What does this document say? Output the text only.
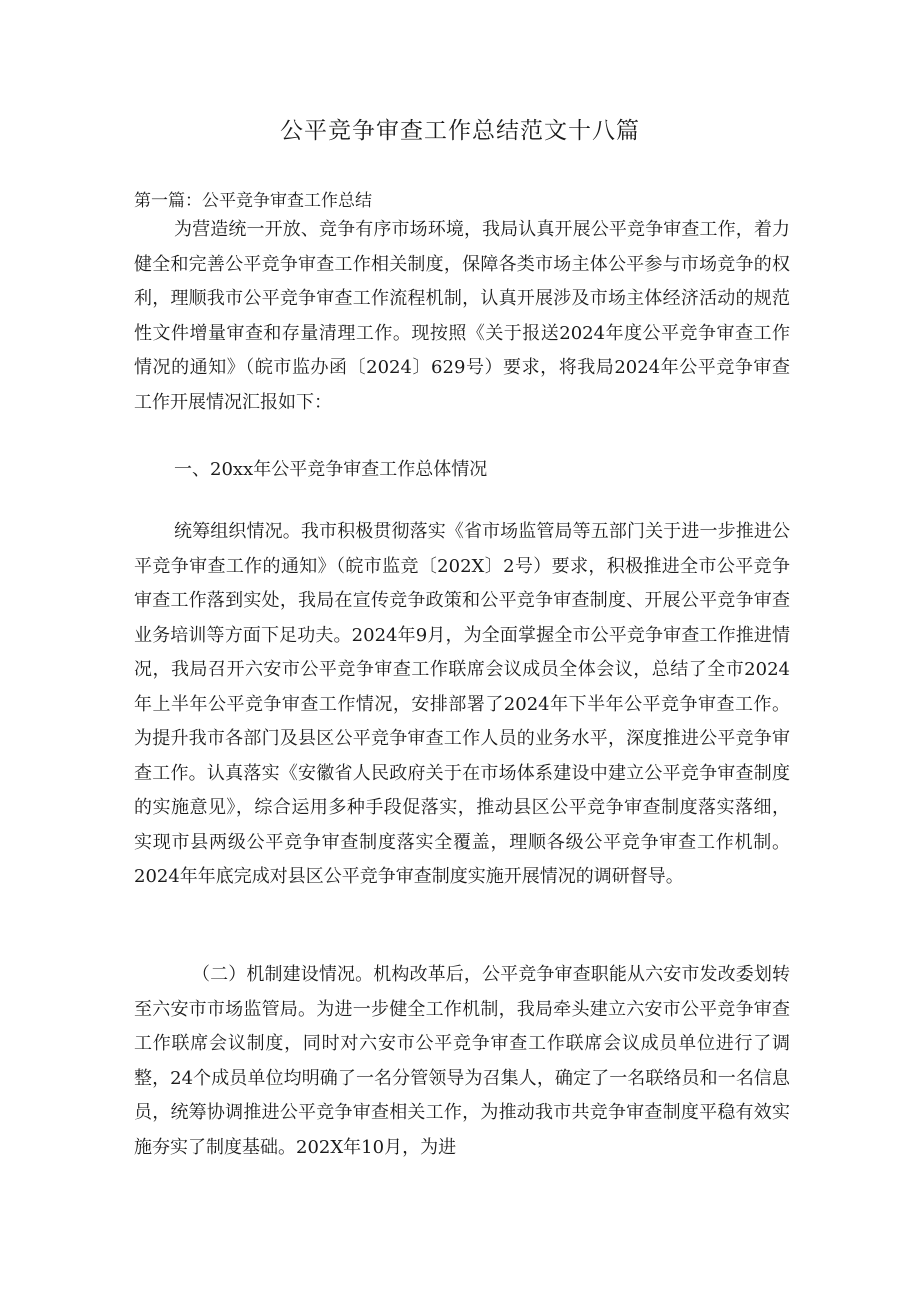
公平竞争审查工作总结范文十八篇

第一篇：公平竞争审查工作总结

为营造统一开放、竞争有序市场环境，我局认真开展公平竞争审查工作，着力健全和完善公平竞争审查工作相关制度，保障各类市场主体公平参与市场竞争的权利，理顺我市公平竞争审查工作流程机制，认真开展涉及市场主体经济活动的规范性文件增量审查和存量清理工作。现按照《关于报送2024年度公平竞争审查工作情况的通知》（皖市监办函〔2024〕629号）要求，将我局2024年公平竞争审查工作开展情况汇报如下：

一、20xx年公平竞争审查工作总体情况

统筹组织情况。我市积极贯彻落实《省市场监管局等五部门关于进一步推进公平竞争审查工作的通知》（皖市监竞〔202X〕2号）要求，积极推进全市公平竞争审查工作落到实处，我局在宣传竞争政策和公平竞争审查制度、开展公平竞争审查业务培训等方面下足功夫。2024年9月，为全面掌握全市公平竞争审查工作推进情况，我局召开六安市公平竞争审查工作联席会议成员全体会议，总结了全市2024年上半年公平竞争审查工作情况，安排部署了2024年下半年公平竞争审查工作。为提升我市各部门及县区公平竞争审查工作人员的业务水平，深度推进公平竞争审查工作。认真落实《安徽省人民政府关于在市场体系建设中建立公平竞争审查制度的实施意见》，综合运用多种手段促落实，推动县区公平竞争审查制度落实落细，实现市县两级公平竞争审查制度落实全覆盖，理顺各级公平竞争审查工作机制。2024年年底完成对县区公平竞争审查制度实施开展情况的调研督导。

（二）机制建设情况。机构改革后，公平竞争审查职能从六安市发改委划转至六安市市场监管局。为进一步健全工作机制，我局牵头建立六安市公平竞争审查工作联席会议制度，同时对六安市公平竞争审查工作联席会议成员单位进行了调整，24个成员单位均明确了一名分管领导为召集人，确定了一名联络员和一名信息员，统筹协调推进公平竞争审查相关工作，为推动我市共竞争审查制度平稳有效实施夯实了制度基础。202X年10月，为进
